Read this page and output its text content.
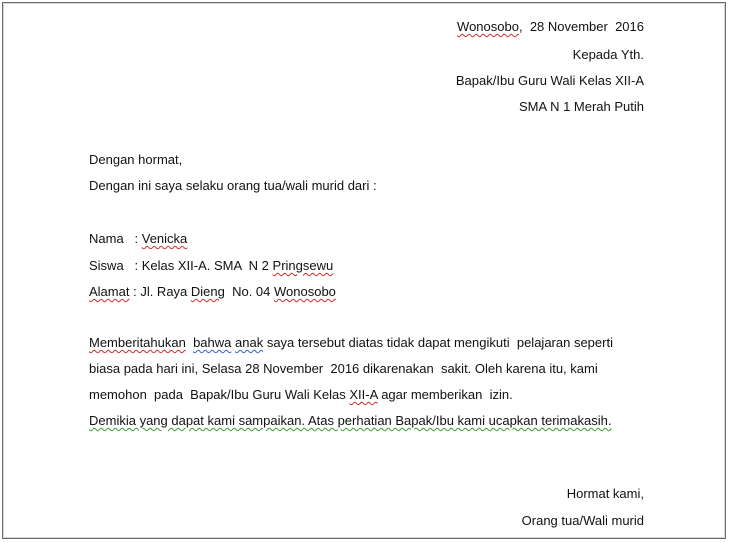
Wonosobo,  28 November  2016
Kepada Yth.
Bapak/Ibu Guru Wali Kelas XII-A
SMA N 1 Merah Putih
Dengan hormat,
Dengan ini saya selaku orang tua/wali murid dari :
Nama   : Venicka
Siswa   : Kelas XII-A. SMA  N 2 Pringsewu
Alamat : Jl. Raya Dieng  No. 04 Wonosobo
Memberitahukan bahwa anak saya tersebut diatas tidak dapat mengikuti  pelajaran seperti
biasa pada hari ini, Selasa 28 November  2016 dikarenakan  sakit. Oleh karena itu, kami
memohon  pada  Bapak/Ibu Guru Wali Kelas XII-A agar memberikan  izin.
Demikia yang dapat kami sampaikan. Atas perhatian Bapak/Ibu kami ucapkan terimakasih.
Hormat kami,
Orang tua/Wali murid
